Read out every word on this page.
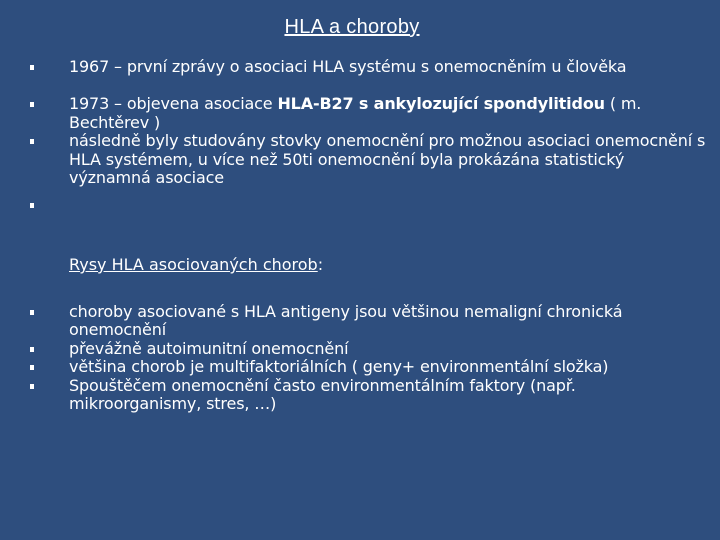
HLA a choroby
1967 – první zprávy o asociaci HLA systému s onemocněním u člověka
1973 – objevena asociace HLA-B27 s ankylozující spondylitidou ( m. Bechtěrev )
následně byly studovány stovky onemocnění pro možnou asociaci onemocnění s HLA systémem, u více než 50ti onemocnění byla prokázána statistický významná asociace
Rysy HLA asociovaných chorob:
choroby asociované s HLA antigeny jsou většinou nemaligní chronická onemocnění
převážně autoimunitní onemocnění
většina chorob je multifaktoriálních ( geny+ environmentální složka)
Spouštěčem onemocnění často environmentálním faktory (např. mikroorganismy, stres, …)
